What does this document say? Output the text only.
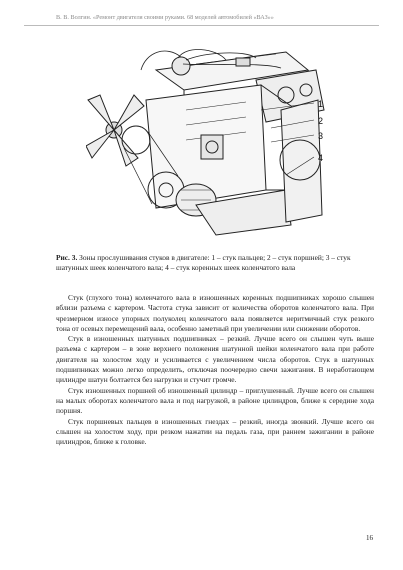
В. В. Волгин. «Ремонт двигателя своими руками. 68 моделей автомобилей «ВАЗ»»
1
2
3
4
Рис. 3. Зоны прослушивания стуков в двигателе: 1 – стук пальцев; 2 – стук поршней; 3 – стук шатунных шеек коленчатого вала; 4 – стук коренных шеек коленчатого вала

Стук (глухого тона) коленчатого вала в изношенных коренных подшипниках хорошо слышен вблизи разъема с картером. Частота стука зависит от количества оборотов коленчатого вала. При чрезмерном износе упорных полуколец коленчатого вала появляется неритмичный стук резкого тона от осевых перемещений вала, особенно заметный при увеличении или снижении оборотов.

Стук в изношенных шатунных подшипниках – резкий. Лучше всего он слышен чуть выше разъема с картером – в зоне верхнего положения шатунной шейки коленчатого вала при работе двигателя на холостом ходу и усиливается с увеличением числа оборотов. Стук в шатунных подшипниках можно легко определить, отключая поочередно свечи зажигания. В неработающем цилиндре шатун болтается без нагрузки и стучит громче.

Стук изношенных поршней об изношенный цилиндр – приглушенный. Лучше всего он слышен на малых оборотах коленчатого вала и под нагрузкой, в районе цилиндров, ближе к середине хода поршня.

Стук поршневых пальцев в изношенных гнездах – резкий, иногда звонкий. Лучше всего он слышен на холостом ходу, при резком нажатии на педаль газа, при раннем зажигании в районе цилиндров, ближе к головке.

16
